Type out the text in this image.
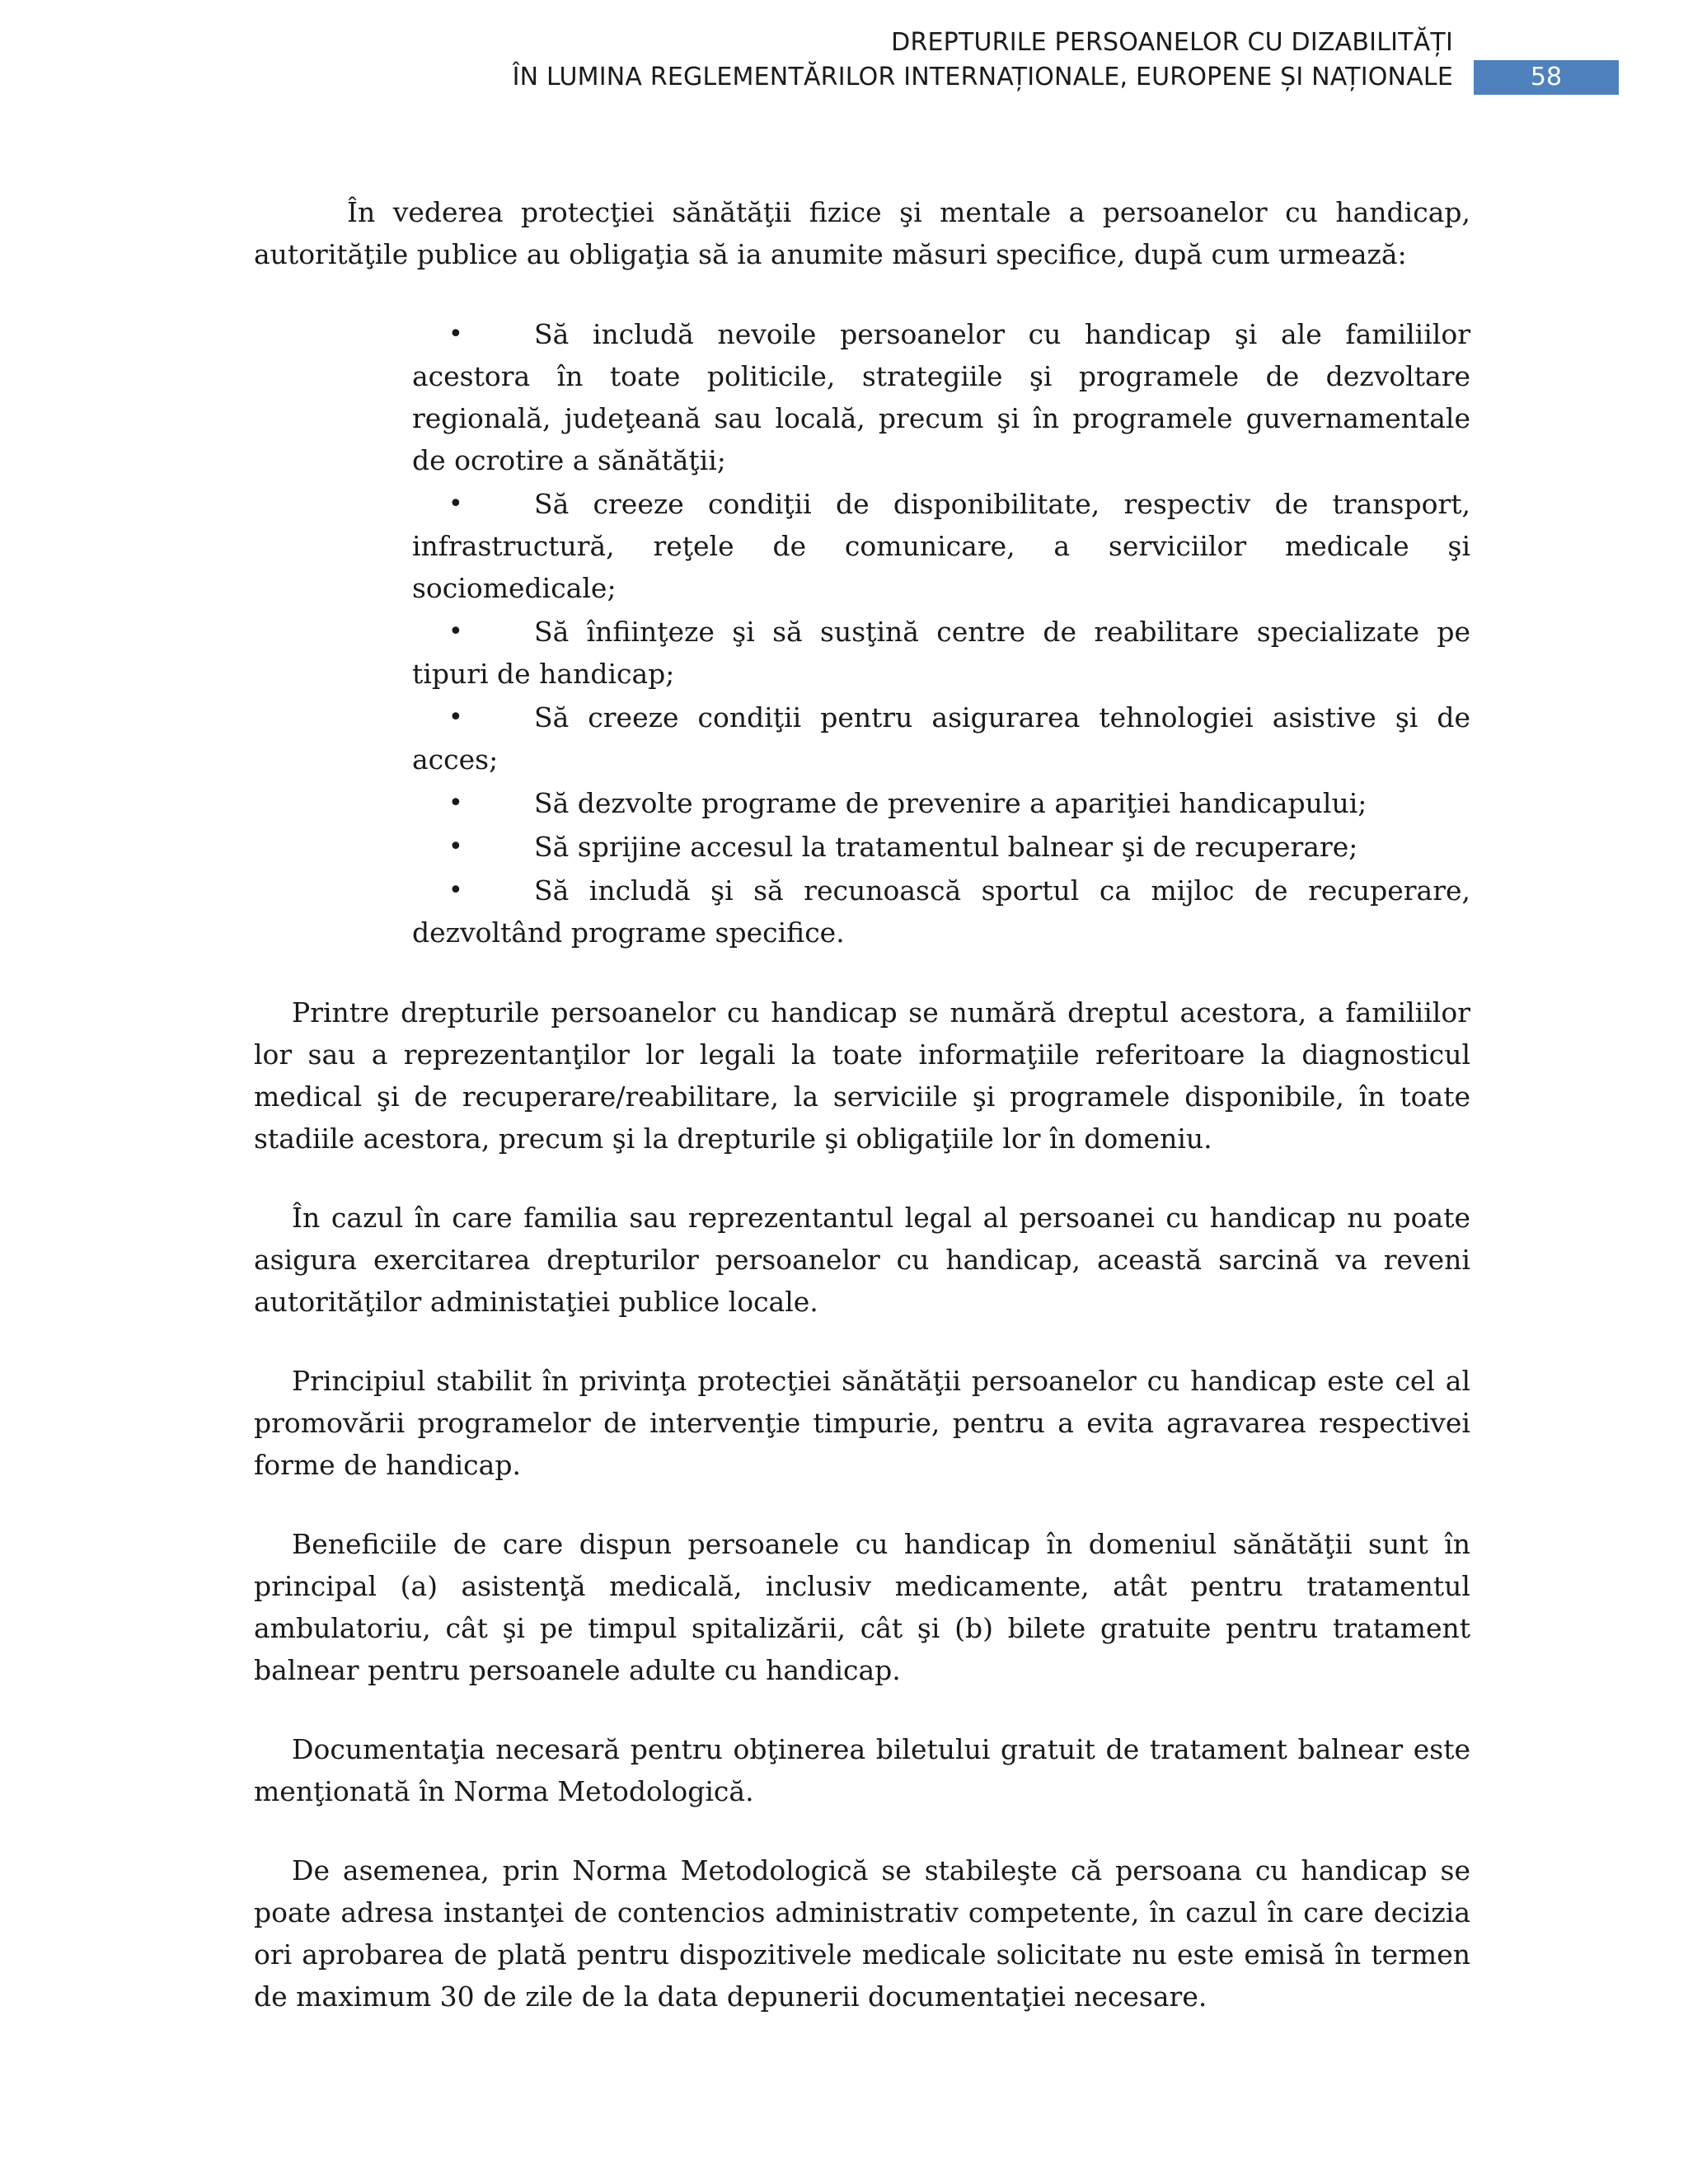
DREPTURILE PERSOANELOR CU DIZABILITĂȚI
ÎN LUMINA REGLEMENTĂRILOR INTERNAȚIONALE, EUROPENE ȘI NAȚIONALE	58

În vederea protecţiei sănătăţii fizice şi mentale a persoanelor cu handicap, autorităţile publice au obligaţia să ia anumite măsuri specifice, după cum urmează:

•	Să includă nevoile persoanelor cu handicap şi ale familiilor acestora în toate politicile, strategiile şi programele de dezvoltare regională, judeţeană sau locală, precum şi în programele guvernamentale de ocrotire a sănătăţii;
•	Să creeze condiţii de disponibilitate, respectiv de transport, infrastructură, reţele de comunicare, a serviciilor medicale şi sociomedicale;
•	Să înfiinţeze şi să susţină centre de reabilitare specializate pe tipuri de handicap;
•	Să creeze condiţii pentru asigurarea tehnologiei asistive şi de acces;
•	Să dezvolte programe de prevenire a apariţiei handicapului;
•	Să sprijine accesul la tratamentul balnear şi de recuperare;
•	Să includă şi să recunoască sportul ca mijloc de recuperare, dezvoltând programe specifice.

Printre drepturile persoanelor cu handicap se numără dreptul acestora, a familiilor lor sau a reprezentanţilor lor legali la toate informaţiile referitoare la diagnosticul medical şi de recuperare/reabilitare, la serviciile şi programele disponibile, în toate stadiile acestora, precum şi la drepturile şi obligaţiile lor în domeniu.

În cazul în care familia sau reprezentantul legal al persoanei cu handicap nu poate asigura exercitarea drepturilor persoanelor cu handicap, această sarcină va reveni autorităţilor administaţiei publice locale.

Principiul stabilit în privinţa protecţiei sănătăţii persoanelor cu handicap este cel al promovării programelor de intervenţie timpurie, pentru a evita agravarea respectivei forme de handicap.

Beneficiile de care dispun persoanele cu handicap în domeniul sănătăţii sunt în principal (a) asistenţă medicală, inclusiv medicamente, atât pentru tratamentul ambulatoriu, cât şi pe timpul spitalizării, cât şi (b) bilete gratuite pentru tratament balnear pentru persoanele adulte cu handicap.

Documentaţia necesară pentru obţinerea biletului gratuit de tratament balnear este menţionată în Norma Metodologică.

De asemenea, prin Norma Metodologică se stabileşte că persoana cu handicap se poate adresa instanţei de contencios administrativ competente, în cazul în care decizia ori aprobarea de plată pentru dispozitivele medicale solicitate nu este emisă în termen de maximum 30 de zile de la data depunerii documentaţiei necesare.
